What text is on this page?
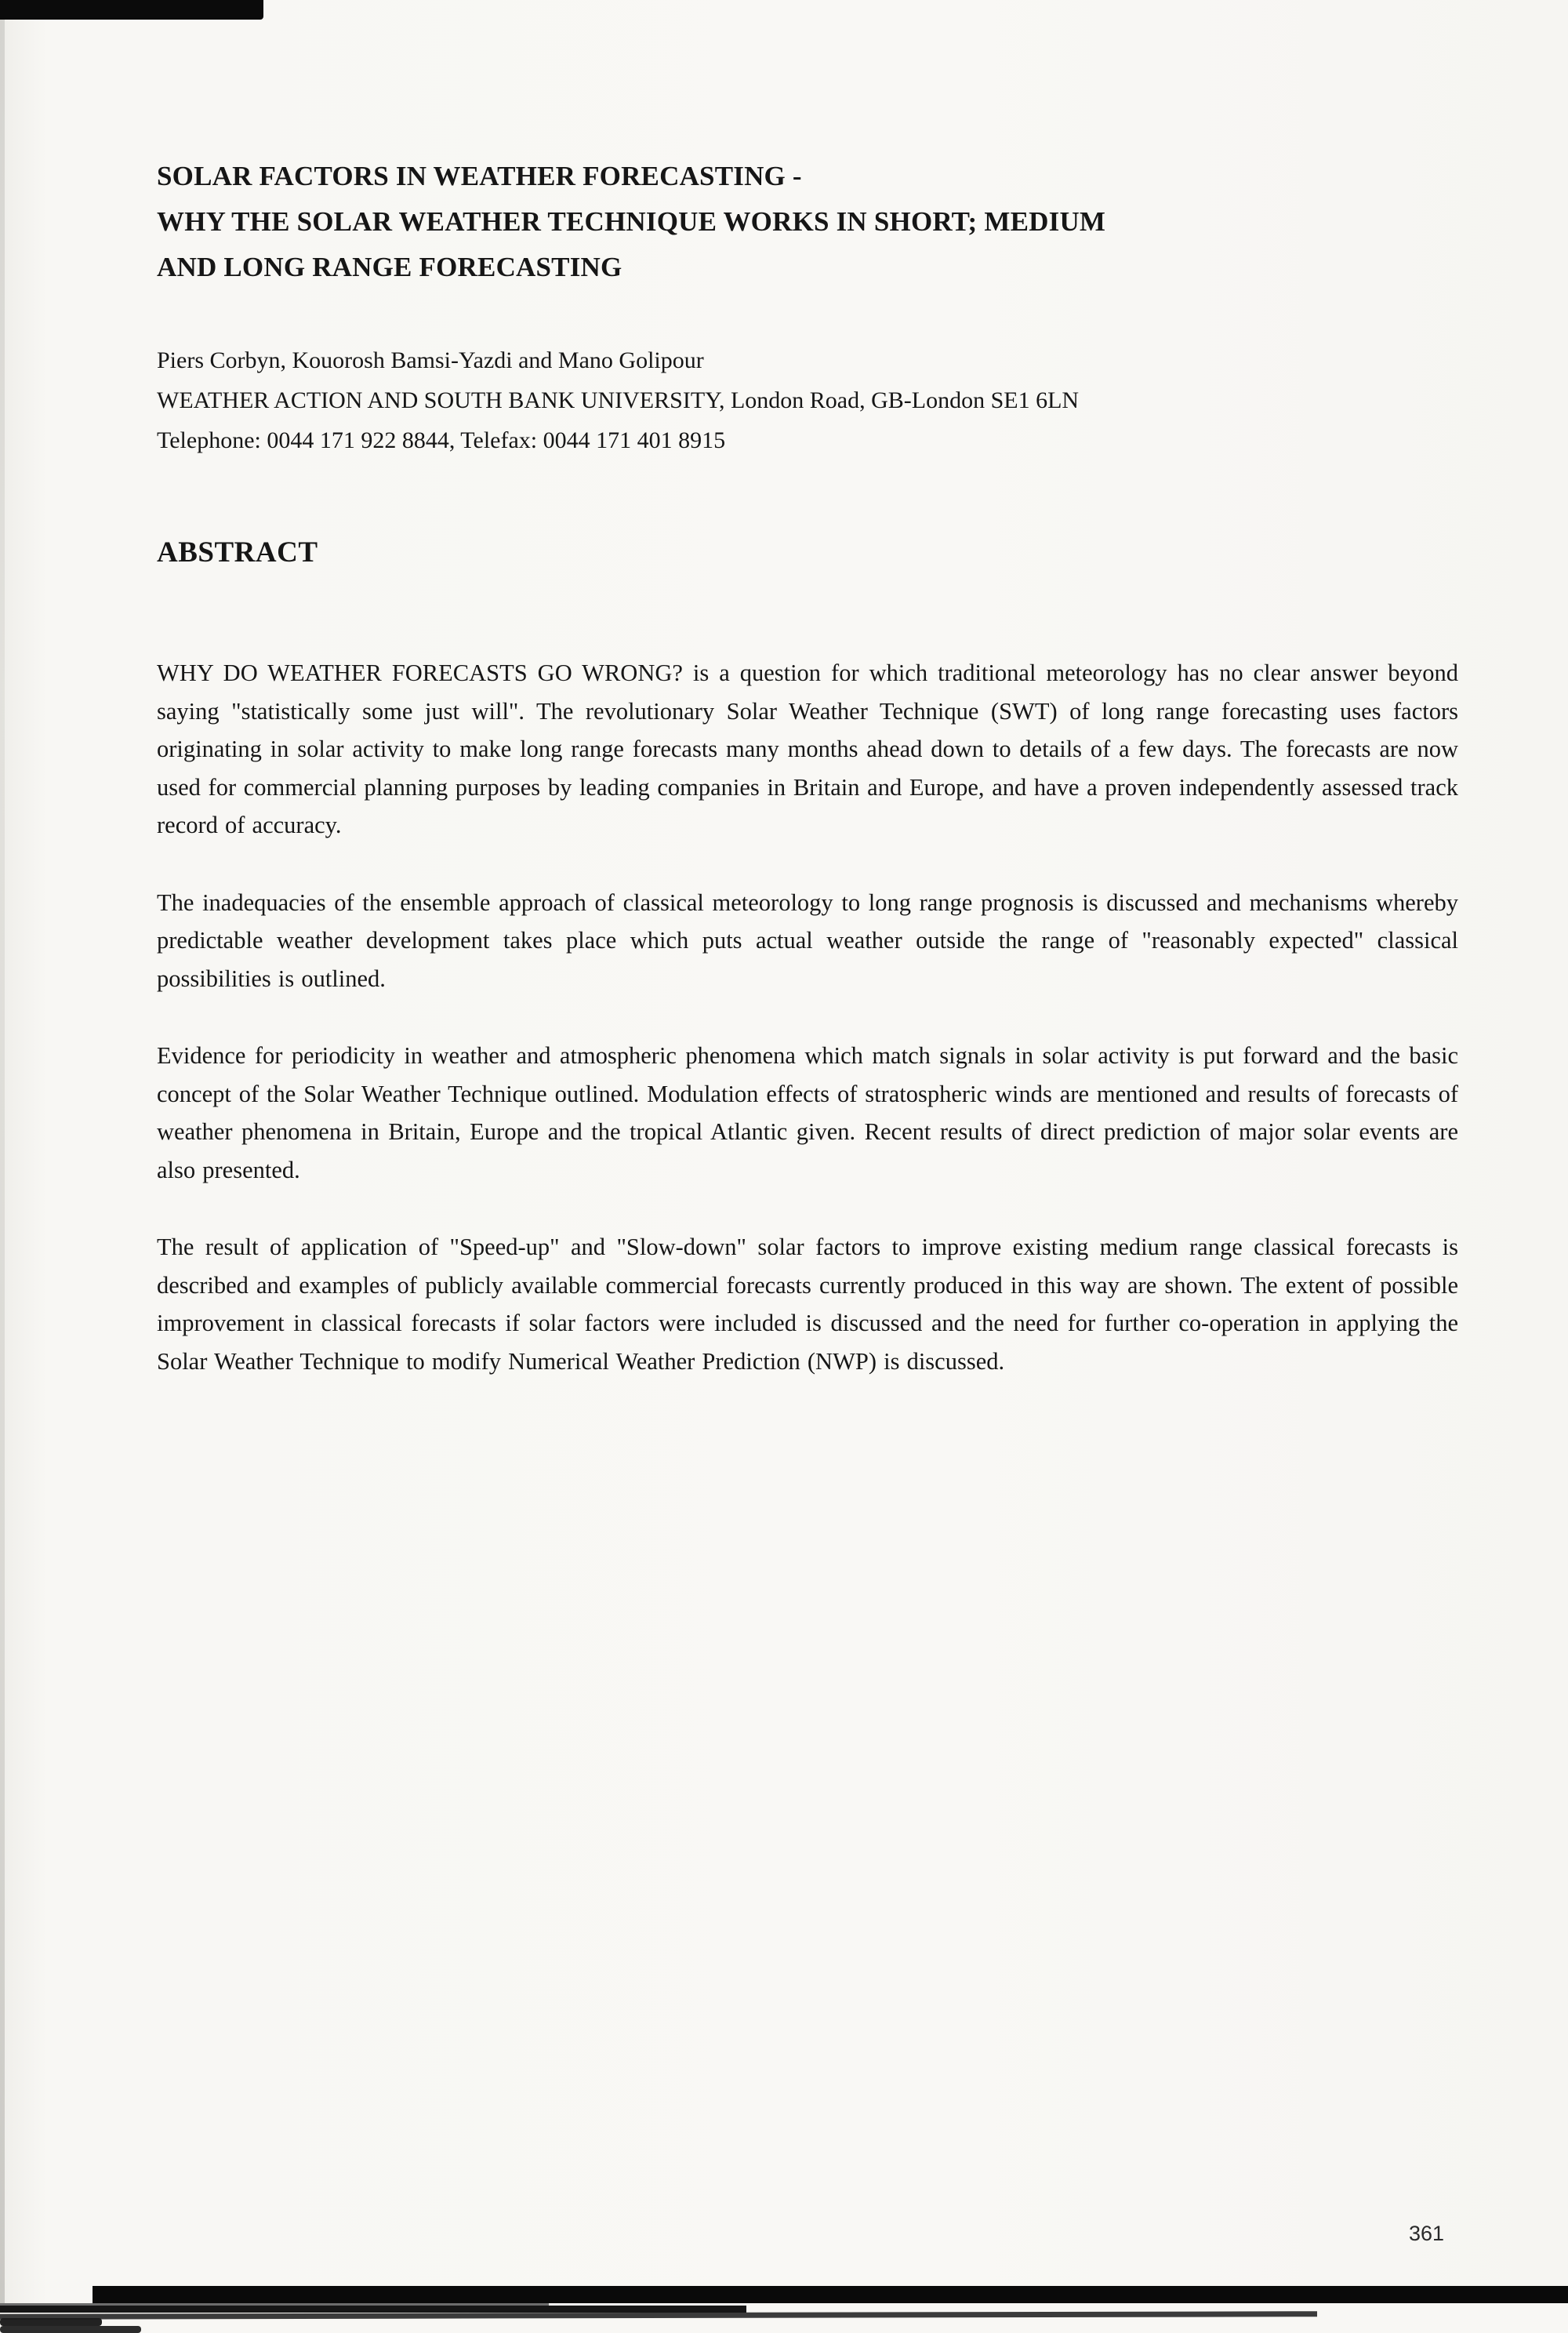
SOLAR FACTORS IN WEATHER FORECASTING -
WHY THE SOLAR WEATHER TECHNIQUE WORKS IN SHORT; MEDIUM
AND LONG RANGE FORECASTING
Piers Corbyn, Kouorosh Bamsi-Yazdi and Mano Golipour
WEATHER ACTION AND SOUTH BANK UNIVERSITY, London Road, GB-London SE1 6LN
Telephone: 0044 171 922 8844, Telefax: 0044 171 401 8915
ABSTRACT

WHY DO WEATHER FORECASTS GO WRONG? is a question for which traditional meteorology has no clear answer beyond saying "statistically some just will". The revolutionary Solar Weather Technique (SWT) of long range forecasting uses factors originating in solar activity to make long range forecasts many months ahead down to details of a few days. The forecasts are now used for commercial planning purposes by leading companies in Britain and Europe, and have a proven independently assessed track record of accuracy.

The inadequacies of the ensemble approach of classical meteorology to long range prognosis is discussed and mechanisms whereby predictable weather development takes place which puts actual weather outside the range of "reasonably expected" classical possibilities is outlined.

Evidence for periodicity in weather and atmospheric phenomena which match signals in solar activity is put forward and the basic concept of the Solar Weather Technique outlined. Modulation effects of stratospheric winds are mentioned and results of forecasts of weather phenomena in Britain, Europe and the tropical Atlantic given. Recent results of direct prediction of major solar events are also presented.

The result of application of "Speed-up" and "Slow-down" solar factors to improve existing medium range classical forecasts is described and examples of publicly available commercial forecasts currently produced in this way are shown. The extent of possible improvement in classical forecasts if solar factors were included is discussed and the need for further co-operation in applying the Solar Weather Technique to modify Numerical Weather Prediction (NWP) is discussed.

361
